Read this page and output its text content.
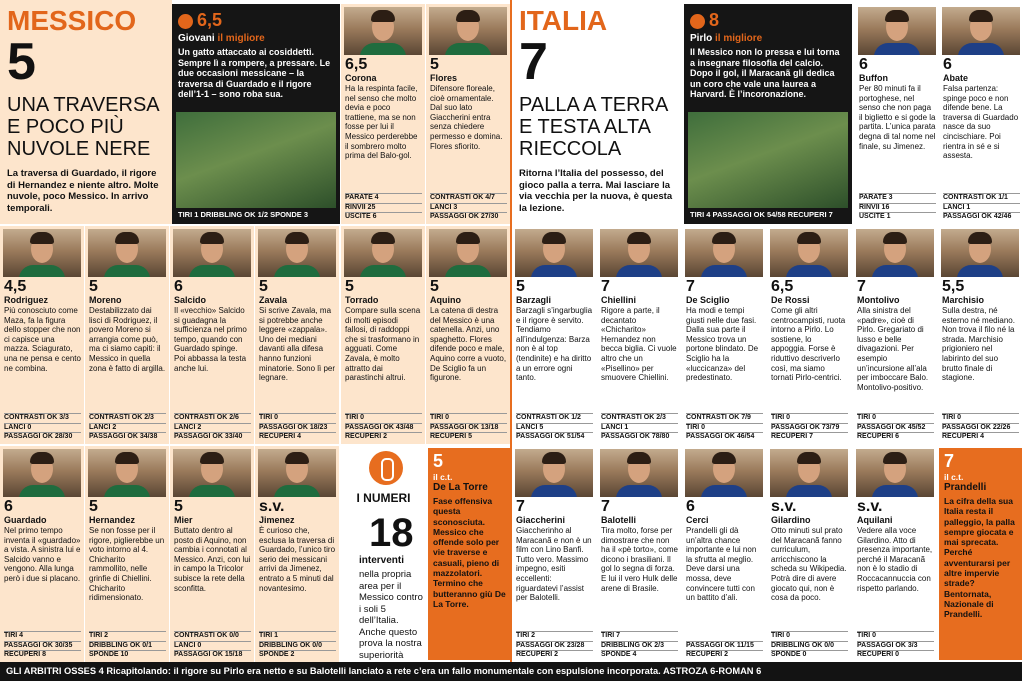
MESSICO
5
UNA TRAVERSA E POCO PIÙ NUVOLE NERE
La traversa di Guardado, il rigore di Hernandez e niente altro. Molte nuvole, poco Messico. In arrivo temporali.
6,5
Giovani il migliore
Un gatto attaccato ai cosiddetti. Sempre lì a rompere, a pressare. Le due occasioni messicane – la traversa di Guardado e il rigore dell’1-1 – sono roba sua.
TIRI 1 DRIBBLING OK 1/2 SPONDE 3
ITALIA
7
PALLA A TERRA E TESTA ALTA RIECCOLA
Ritorna l’Italia del possesso, del gioco palla a terra. Mai lasciare la via vecchia per la nuova, è questa la lezione.
8
Pirlo il migliore
Il Messico non lo pressa e lui torna a insegnare filosofia del calcio. Dopo il gol, il Maracanã gli dedica un coro che vale una laurea a Harvard. È l’incoronazione.
TIRI 4 PASSAGGI OK 54/58 RECUPERI 7
6,5
Corona
Ha la respinta facile, nel senso che molto devia e poco trattiene, ma se non fosse per lui il Messico perderebbe il sombrero molto prima del Balo-gol.
PARATE 4
RINVII 25
USCITE 6
5
Flores
Difensore floreale, cioè ornamentale. Dal suo lato Giaccherini entra senza chiedere permesso e domina. Flores sfiorito.
CONTRASTI OK 4/7
LANCI 3
PASSAGGI OK 27/30
6
Buffon
Per 80 minuti fa il portoghese, nel senso che non paga il biglietto e si gode la partita. L’unica parata degna di tal nome nel finale, su Jimenez.
PARATE 3
RINVII 16
USCITE 1
6
Abate
Falsa partenza: spinge poco e non difende bene. La traversa di Guardado nasce da suo cincischiare. Poi rientra in sé e si assesta.
CONTRASTI OK 1/1
LANCI 1
PASSAGGI OK 42/46
4,5
Rodriguez
Più conosciuto come Maza, fa la figura dello stopper che non ci capisce una mazza. Sciagurato, una ne pensa e cento ne combina.
CONTRASTI OK 3/3
LANCI 0
PASSAGGI OK 28/30
5
Moreno
Destabilizzato dai lisci di Rodriguez, il povero Moreno si arrangia come può, ma ci siamo capiti: il Messico in quella zona è fatto di argilla.
CONTRASTI OK 2/3
LANCI 2
PASSAGGI OK 34/38
6
Salcido
Il «vecchio» Salcido si guadagna la sufficienza nel primo tempo, quando con Guardado spinge. Poi abbassa la testa anche lui.
CONTRASTI OK 2/6
LANCI 2
PASSAGGI OK 33/40
5
Zavala
Si scrive Zavala, ma si potrebbe anche leggere «zappala». Uno dei mediani davanti alla difesa hanno funzioni minatorie. Sono lì per legnare.
TIRI 0
PASSAGGI OK 18/23
RECUPERI 4
5
Torrado
Compare sulla scena di molti episodi fallosi, di raddoppi che si trasformano in agguati. Come Zavala, è molto attratto dai parastinchi altrui.
TIRI 0
PASSAGGI OK 43/48
RECUPERI 2
5
Aquino
La catena di destra del Messico è una catenella. Anzi, uno spaghetto. Flores difende poco e male, Aquino corre a vuoto, De Sciglio fa un figurone.
TIRI 0
PASSAGGI OK 13/18
RECUPERI 5
5
Barzagli
Barzagli s’ingarbuglia e il rigore è servito. Tendiamo all’indulgenza: Barza non è al top (tendinite) e ha diritto a un errore ogni tanto.
CONTRASTI OK 1/2
LANCI 5
PASSAGGI OK 51/54
7
Chiellini
Rigore a parte, il decantato «Chicharito» Hernandez non becca biglia. Ci vuole altro che un «Pisellino» per smuovere Chiellini.
CONTRASTI OK 2/3
LANCI 1
PASSAGGI OK 78/80
7
De Sciglio
Ha modi e tempi giusti nelle due fasi. Dalla sua parte il Messico trova un portone blindato. De Sciglio ha la «luccicanza» del predestinato.
CONTRASTI OK 7/9
TIRI 0
PASSAGGI OK 46/54
6,5
De Rossi
Come gli altri centrocampisti, ruota intorno a Pirlo. Lo sostiene, lo appoggia. Forse è riduttivo descriverlo così, ma siamo tornati Pirlo-centrici.
TIRI 0
PASSAGGI OK 73/79
RECUPERI 7
7
Montolivo
Alla sinistra del «padre», cioè di Pirlo. Gregariato di lusso e belle divagazioni. Per esempio un’incursione all’ala per imboccare Balo. Montolivo-positivo.
TIRI 0
PASSAGGI OK 45/52
RECUPERI 6
5,5
Marchisio
Sulla destra, né esterno né mediano. Non trova il filo né la strada. Marchisio prigioniero nel labirinto del suo brutto finale di stagione.
TIRI 0
PASSAGGI OK 22/26
RECUPERI 4
6
Guardado
Nel primo tempo inventa il «guardado» a vista. A sinistra lui e Salcido vanno e vengono. Alla lunga però i due si placano.
TIRI 4
PASSAGGI OK 30/35
RECUPERI 8
5
Hernandez
Se non fosse per il rigore, piglierebbe un voto intorno al 4. Chicharito rammollito, nelle grinfie di Chiellini. Chicharito ridimensionato.
TIRI 2
DRIBBLING OK 0/1
SPONDE 10
5
Mier
Buttato dentro al posto di Aquino, non cambia i connotati al Messico. Anzi, con lui in campo la Tricolor subisce la rete della sconfitta.
CONTRASTI OK 0/0
LANCI 0
PASSAGGI OK 15/18
s.v.
Jimenez
È curioso che, esclusa la traversa di Guardado, l’unico tiro serio dei messicani arrivi da Jimenez, entrato a 5 minuti dal novantesimo.
TIRI 1
DRIBBLING OK 0/0
SPONDE 2
7
Giaccherini
Giaccherinho al Maracanã e non è un film con Lino Banfi. Tutto vero. Massimo impegno, esiti eccellenti: riguardatevi l’assist per Balotelli.
TIRI 2
PASSAGGI OK 23/28
RECUPERI 2
7
Balotelli
Tira molto, forse per dimostrare che non ha il «pè torto», come dicono i brasiliani. Il gol lo segna di forza. E lui il vero Hulk delle arene di Brasile.
TIRI 7
DRIBBLING OK 2/3
SPONDE 4
6
Cerci
Prandelli gli dà un’altra chance importante e lui non la sfrutta al meglio. Deve darsi una mossa, deve convincere tutti con un battito d’ali.
PASSAGGI OK 11/15
RECUPERI 2
s.v.
Gilardino
Otto minuti sul prato del Maracanã fanno curriculum, arricchiscono la scheda su Wikipedia. Potrà dire di avere giocato qui, non è cosa da poco.
TIRI 0
DRIBBLING OK 0/0
SPONDE 0
s.v.
Aquilani
Vedere alla voce Gilardino. Atto di presenza importante, perché il Maracanã non è lo stadio di Roccacannuccia con rispetto parlando.
TIRI 0
PASSAGGI OK 3/3
RECUPERI 0
I NUMERI
18
interventi
nella propria area per il Messico contro i soli 5 dell’Italia. Anche questo prova la nostra superiorità
5
il c.t.
De La Torre
Fase offensiva questa sconosciuta. Messico che offende solo per vie traverse e casuali, pieno di mazzolatori. Termino che butteranno giù De La Torre.
7
il c.t.
Prandelli
La cifra della sua Italia resta il palleggio, la palla sempre giocata e mai sprecata. Perché avventurarsi per altre impervie strade? Bentornata, Nazionale di Prandelli.
GLI ARBITRI OSSES 4 Ricapitolando: il rigore su Pirlo era netto e su Balotelli lanciato a rete c’era un fallo monumentale con espulsione incorporata. ASTROZA 6-ROMAN 6
